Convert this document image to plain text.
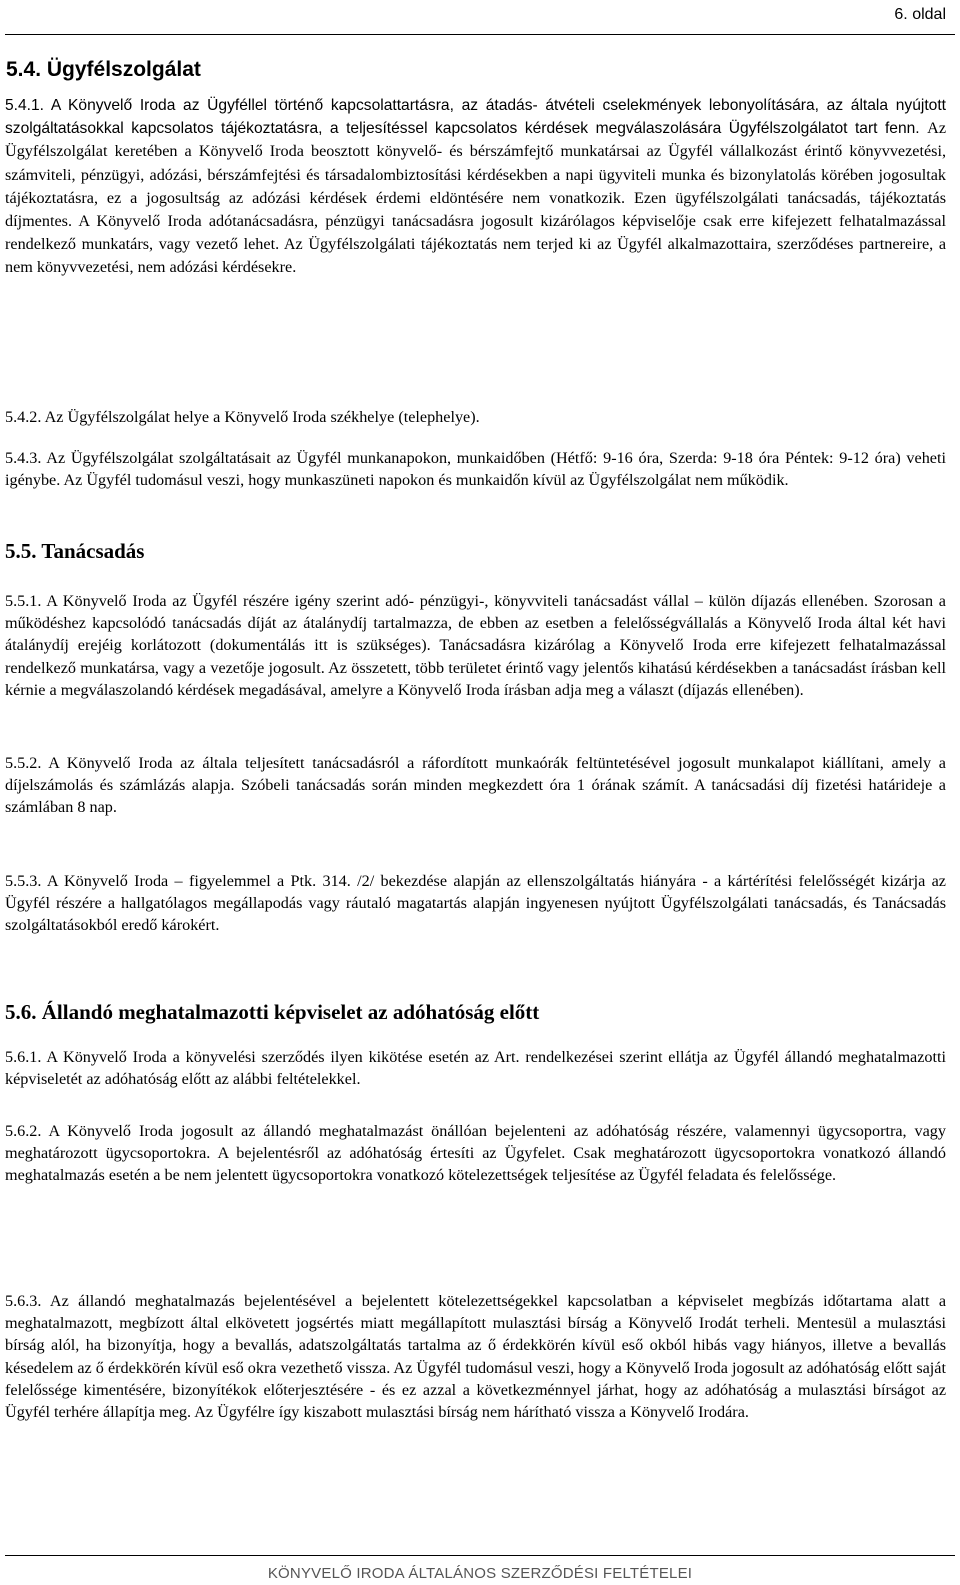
6. oldal
5.4. Ügyfélszolgálat

5.4.1. A Könyvelő Iroda az Ügyféllel történő kapcsolattartásra, az átadás- átvételi cselekmények lebonyolítására, az általa nyújtott szolgáltatásokkal kapcsolatos tájékoztatásra, a teljesítéssel kapcsolatos kérdések megválaszolására Ügyfélszolgálatot tart fenn. Az Ügyfélszolgálat keretében a Könyvelő Iroda beosztott könyvelő- és bérszámfejtő munkatársai az Ügyfél vállalkozást érintő könyvvezetési, számviteli, pénzügyi, adózási, bérszámfejtési és társadalombiztosítási kérdésekben a napi ügyviteli munka és bizonylatolás körében jogosultak tájékoztatásra, ez a jogosultság az adózási kérdések érdemi eldöntésére nem vonatkozik. Ezen ügyfélszolgálati tanácsadás, tájékoztatás díjmentes. A Könyvelő Iroda adótanácsadásra, pénzügyi tanácsadásra jogosult kizárólagos képviselője csak erre kifejezett felhatalmazással rendelkező munkatárs, vagy vezető lehet. Az Ügyfélszolgálati tájékoztatás nem terjed ki az Ügyfél alkalmazottaira, szerződéses partnereire, a nem könyvvezetési, nem adózási kérdésekre.

5.4.2. Az Ügyfélszolgálat helye a Könyvelő Iroda székhelye (telephelye).

5.4.3. Az Ügyfélszolgálat szolgáltatásait az Ügyfél munkanapokon, munkaidőben (Hétfő: 9-16 óra, Szerda: 9-18 óra Péntek: 9-12 óra) veheti igénybe. Az Ügyfél tudomásul veszi, hogy munkaszüneti napokon és munkaidőn kívül az Ügyfélszolgálat nem működik.

5.5. Tanácsadás

5.5.1. A Könyvelő Iroda az Ügyfél részére igény szerint adó- pénzügyi-, könyvviteli tanácsadást vállal – külön díjazás ellenében. Szorosan a működéshez kapcsolódó tanácsadás díját az átalánydíj tartalmazza, de ebben az esetben a felelősségvállalás a Könyvelő Iroda által két havi átalánydíj erejéig korlátozott (dokumentálás itt is szükséges). Tanácsadásra kizárólag a Könyvelő Iroda erre kifejezett felhatalmazással rendelkező munkatársa, vagy a vezetője jogosult. Az összetett, több területet érintő vagy jelentős kihatású kérdésekben a tanácsadást írásban kell kérnie a megválaszolandó kérdések megadásával, amelyre a Könyvelő Iroda írásban adja meg a választ (díjazás ellenében).

5.5.2. A Könyvelő Iroda az általa teljesített tanácsadásról a ráfordított munkaórák feltüntetésével jogosult munkalapot kiállítani, amely a díjelszámolás és számlázás alapja. Szóbeli tanácsadás során minden megkezdett óra 1 órának számít. A tanácsadási díj fizetési határideje a számlában 8 nap.

5.5.3. A Könyvelő Iroda – figyelemmel a Ptk. 314. /2/ bekezdése alapján az ellenszolgáltatás hiányára - a kártérítési felelősségét kizárja az Ügyfél részére a hallgatólagos megállapodás vagy ráutaló magatartás alapján ingyenesen nyújtott Ügyfélszolgálati tanácsadás, és Tanácsadás szolgáltatásokból eredő károkért.

5.6. Állandó meghatalmazotti képviselet az adóhatóság előtt

5.6.1. A Könyvelő Iroda a könyvelési szerződés ilyen kikötése esetén az Art. rendelkezései szerint ellátja az Ügyfél állandó meghatalmazotti képviseletét az adóhatóság előtt az alábbi feltételekkel.

5.6.2. A Könyvelő Iroda jogosult az állandó meghatalmazást önállóan bejelenteni az adóhatóság részére, valamennyi ügycsoportra, vagy meghatározott ügycsoportokra. A bejelentésről az adóhatóság értesíti az Ügyfelet. Csak meghatározott ügycsoportokra vonatkozó állandó meghatalmazás esetén a be nem jelentett ügycsoportokra vonatkozó kötelezettségek teljesítése az Ügyfél feladata és felelőssége.

5.6.3. Az állandó meghatalmazás bejelentésével a bejelentett kötelezettségekkel kapcsolatban a képviselet megbízás időtartama alatt a meghatalmazott, megbízott által elkövetett jogsértés miatt megállapított mulasztási bírság a Könyvelő Irodát terheli. Mentesül a mulasztási bírság alól, ha bizonyítja, hogy a bevallás, adatszolgáltatás tartalma az ő érdekkörén kívül eső okból hibás vagy hiányos, illetve a bevallás késedelem az ő érdekkörén kívül eső okra vezethető vissza. Az Ügyfél tudomásul veszi, hogy a Könyvelő Iroda jogosult az adóhatóság előtt saját felelőssége kimentésére, bizonyítékok előterjesztésére - és ez azzal a következménnyel járhat, hogy az adóhatóság a mulasztási bírságot az Ügyfél terhére állapítja meg. Az Ügyfélre így kiszabott mulasztási bírság nem hárítható vissza a Könyvelő Irodára.

KÖNYVELŐ IRODA ÁLTALÁNOS SZERZŐDÉSI FELTÉTELEI
